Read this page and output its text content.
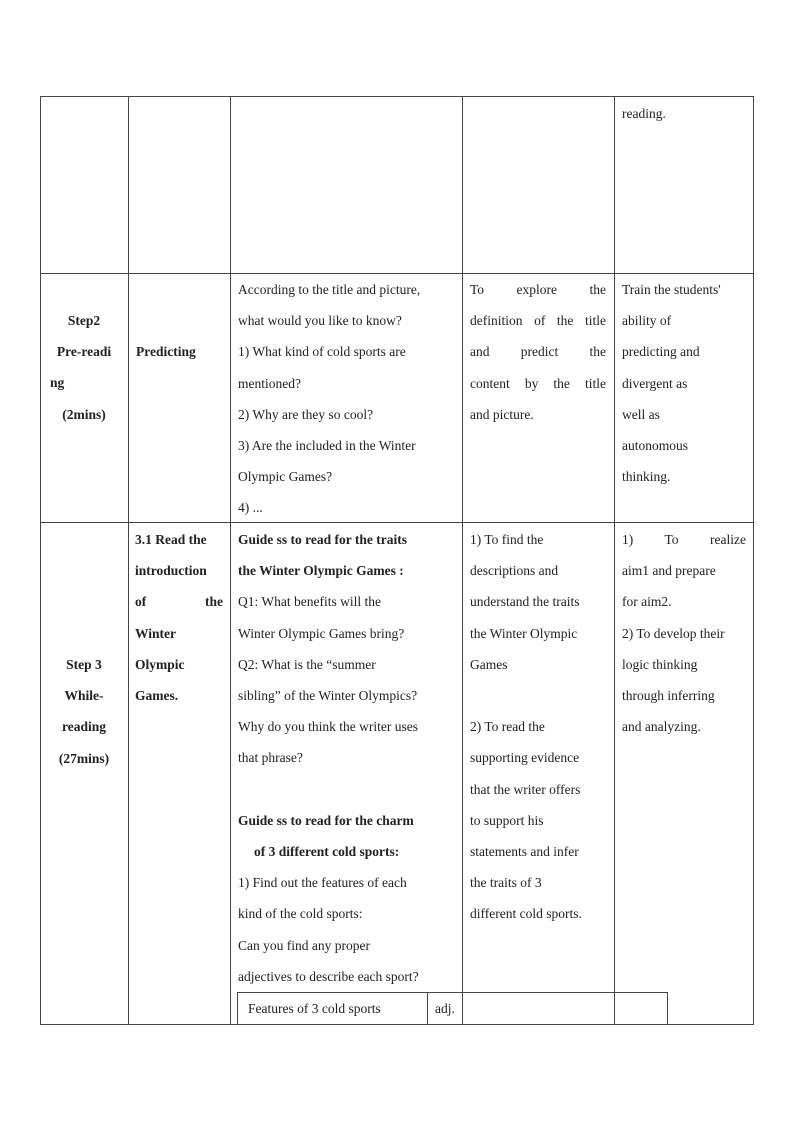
reading.

Step2

Pre-readi

ng

(2mins)

Predicting

According to the title and picture,

what would you like to know?

1) What kind of cold sports are

mentioned?

2) Why are they so cool?

3) Are the included in the Winter

Olympic Games?

4) ...

To explore the

definition of the title

and predict the

content by the title

and picture.

Train the students'

ability of

predicting and

divergent as

well as

autonomous

thinking.

Step 3

While-

reading

(27mins)

3.1 Read the

introduction

of the

Winter

Olympic

Games.

Guide ss to read for the traits

the Winter Olympic Games :

Q1: What benefits will the

Winter Olympic Games bring?

Q2: What is the “summer

sibling” of the Winter Olympics?

Why do you think the writer uses

that phrase?

Guide ss to read for the charm

of 3 different cold sports:

1) Find out the features of each

kind of the cold sports:

Can you find any proper

adjectives to describe each sport?

1) To find the

descriptions and

understand the traits

the Winter Olympic

Games

2) To read the

supporting evidence

that the writer offers

to support his

statements and infer

the traits of 3

different cold sports.

1) To realize

aim1 and prepare

for aim2.

2) To develop their

logic thinking

through inferring

and analyzing.

Features of 3 cold sports	adj.
